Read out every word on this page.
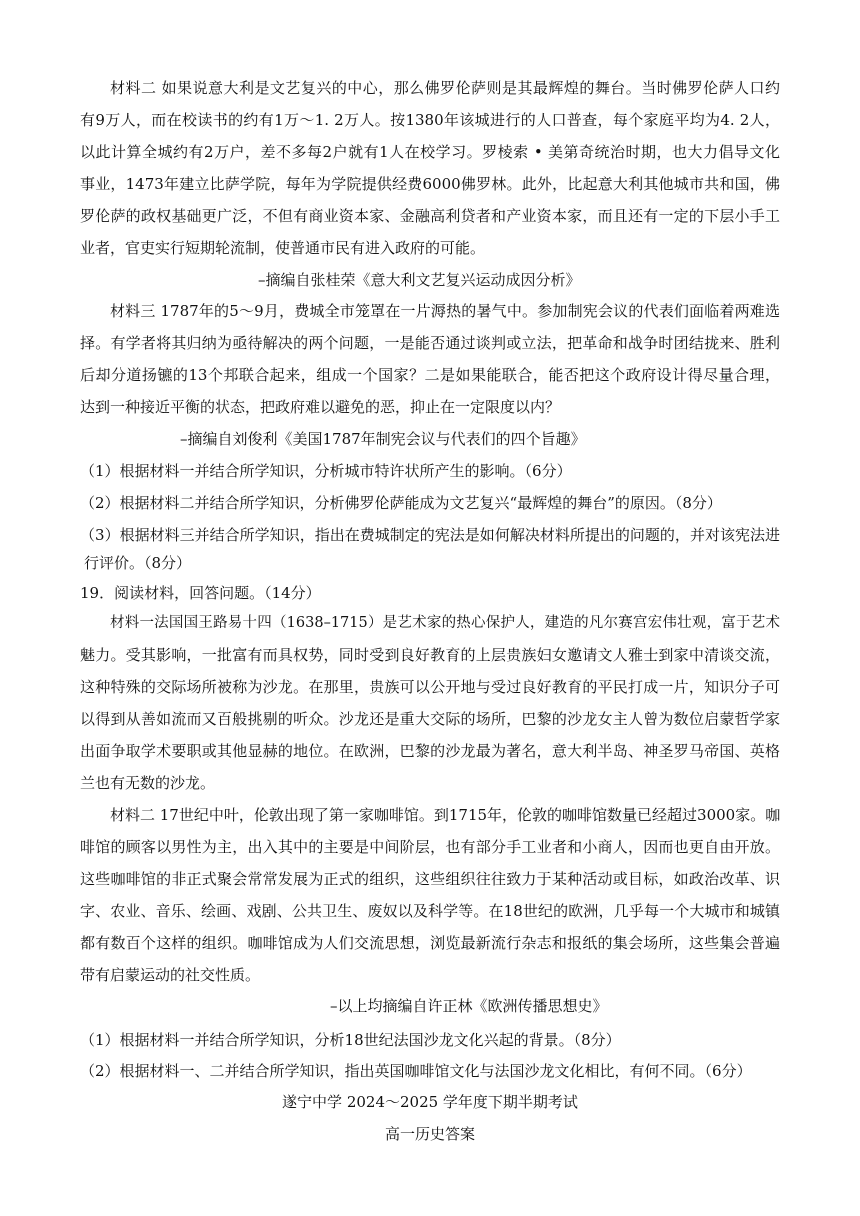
材料二 如果说意大利是文艺复兴的中心，那么佛罗伦萨则是其最辉煌的舞台。当时佛罗伦萨人口约
有9万人，而在校读书的约有1万～1. 2万人。按1380年该城进行的人口普查，每个家庭平均为4. 2人，
以此计算全城约有2万户，差不多每2户就有1人在校学习。罗棱索 • 美第奇统治时期，也大力倡导文化
事业，1473年建立比萨学院，每年为学院提供经费6000佛罗林。此外，比起意大利其他城市共和国，佛
罗伦萨的政权基础更广泛，不但有商业资本家、金融高利贷者和产业资本家，而且还有一定的下层小手工
业者，官吏实行短期轮流制，使普通市民有进入政府的可能。
–摘编自张桂荣《意大利文艺复兴运动成因分析》
材料三 1787年的5～9月，费城全市笼罩在一片溽热的暑气中。参加制宪会议的代表们面临着两难选
择。有学者将其归纳为亟待解决的两个问题，一是能否通过谈判或立法，把革命和战争时团结拢来、胜利
后却分道扬镳的13个邦联合起来，组成一个国家？二是如果能联合，能否把这个政府设计得尽量合理，
达到一种接近平衡的状态，把政府难以避免的恶，抑止在一定限度以内？
–摘编自刘俊利《美国1787年制宪会议与代表们的四个旨趣》
（1）根据材料一并结合所学知识，分析城市特许状所产生的影响。（6分）
（2）根据材料二并结合所学知识，分析佛罗伦萨能成为文艺复兴“最辉煌的舞台”的原因。（8分）
（3）根据材料三并结合所学知识，指出在费城制定的宪法是如何解决材料所提出的问题的，并对该宪法进
行评价。（8分）
19．阅读材料，回答问题。（14分）
材料一法国国王路易十四（1638–1715）是艺术家的热心保护人，建造的凡尔赛宫宏伟壮观，富于艺术
魅力。受其影响，一批富有而具权势，同时受到良好教育的上层贵族妇女邀请文人雅士到家中清谈交流，
这种特殊的交际场所被称为沙龙。在那里，贵族可以公开地与受过良好教育的平民打成一片，知识分子可
以得到从善如流而又百般挑剔的听众。沙龙还是重大交际的场所，巴黎的沙龙女主人曾为数位启蒙哲学家
出面争取学术要职或其他显赫的地位。在欧洲，巴黎的沙龙最为著名，意大利半岛、神圣罗马帝国、英格
兰也有无数的沙龙。
材料二 17世纪中叶，伦敦出现了第一家咖啡馆。到1715年，伦敦的咖啡馆数量已经超过3000家。咖
啡馆的顾客以男性为主，出入其中的主要是中间阶层，也有部分手工业者和小商人，因而也更自由开放。
这些咖啡馆的非正式聚会常常发展为正式的组织，这些组织往往致力于某种活动或目标，如政治改革、识
字、农业、音乐、绘画、戏剧、公共卫生、废奴以及科学等。在18世纪的欧洲，几乎每一个大城市和城镇
都有数百个这样的组织。咖啡馆成为人们交流思想，浏览最新流行杂志和报纸的集会场所，这些集会普遍
带有启蒙运动的社交性质。
–以上均摘编自许正林《欧洲传播思想史》
（1）根据材料一并结合所学知识，分析18世纪法国沙龙文化兴起的背景。（8分）
（2）根据材料一、二并结合所学知识，指出英国咖啡馆文化与法国沙龙文化相比，有何不同。（6分）
遂宁中学 2024～2025 学年度下期半期考试
高一历史答案
